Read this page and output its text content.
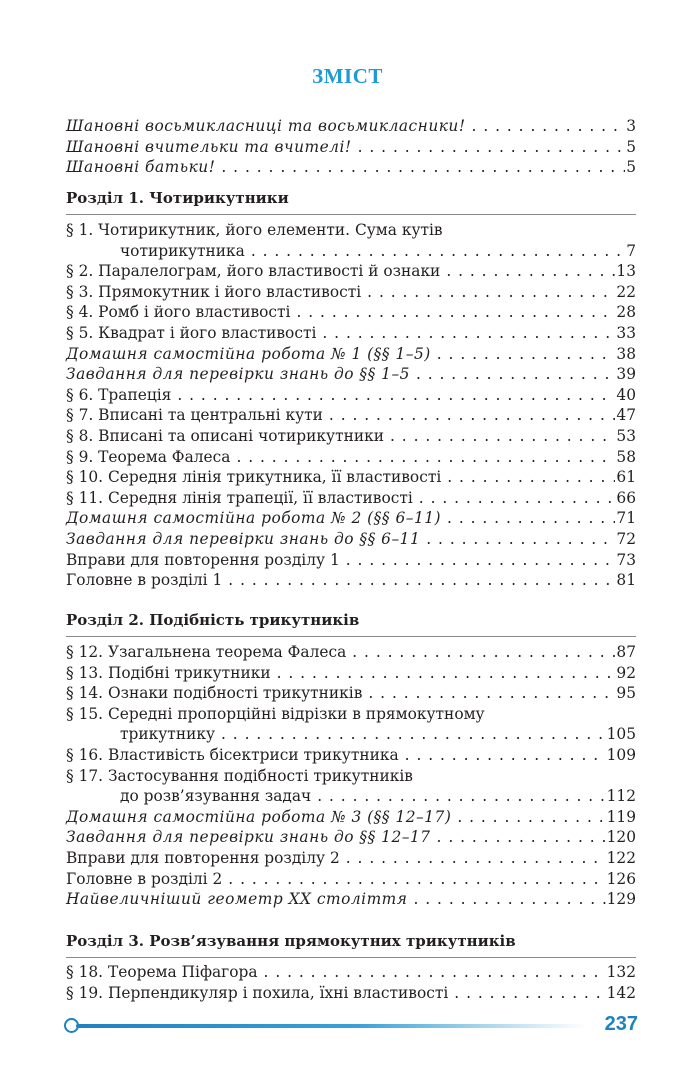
ЗМІСТ
Шановні восьмикласниці та восьмикласники! . . .	3
Шановні вчительки та вчителі! . . .	5
Шановні батьки! . . .	5
Розділ 1. Чотирикутники
§ 1. Чотирикутник, його елементи. Сума кутів
чотирикутника . . .	7
§ 2. Паралелограм, його властивості й ознаки . . .	13
§ 3. Прямокутник і його властивості . . .	22
§ 4. Ромб і його властивості . . .	28
§ 5. Квадрат і його властивості . . .	33
Домашня самостійна робота № 1 (§§ 1–5) . . .	38
Завдання для перевірки знань до §§ 1–5 . . .	39
§ 6. Трапеція . . .	40
§ 7. Вписані та центральні кути . . .	47
§ 8. Вписані та описані чотирикутники . . .	53
§ 9. Теорема Фалеса . . .	58
§ 10. Середня лінія трикутника, її властивості . . .	61
§ 11. Середня лінія трапеції, її властивості . . .	66
Домашня самостійна робота № 2 (§§ 6–11) . . .	71
Завдання для перевірки знань до §§ 6–11 . . .	72
Вправи для повторення розділу 1 . . .	73
Головне в розділі 1 . . .	81
Розділ 2. Подібність трикутників
§ 12. Узагальнена теорема Фалеса . . .	87
§ 13. Подібні трикутники . . .	92
§ 14. Ознаки подібності трикутників . . .	95
§ 15. Середні пропорційні відрізки в прямокутному
трикутнику . . .	105
§ 16. Властивість бісектриси трикутника . . .	109
§ 17. Застосування подібності трикутників
до розв’язування задач . . .	112
Домашня самостійна робота № 3 (§§ 12–17) . . .	119
Завдання для перевірки знань до §§ 12–17 . . .	120
Вправи для повторення розділу 2 . . .	122
Головне в розділі 2 . . .	126
Найвеличніший геометр ХХ століття . . .	129
Розділ 3. Розв’язування прямокутних трикутників
§ 18. Теорема Піфагора . . .	132
§ 19. Перпендикуляр і похила, їхні властивості . . .	142
237
